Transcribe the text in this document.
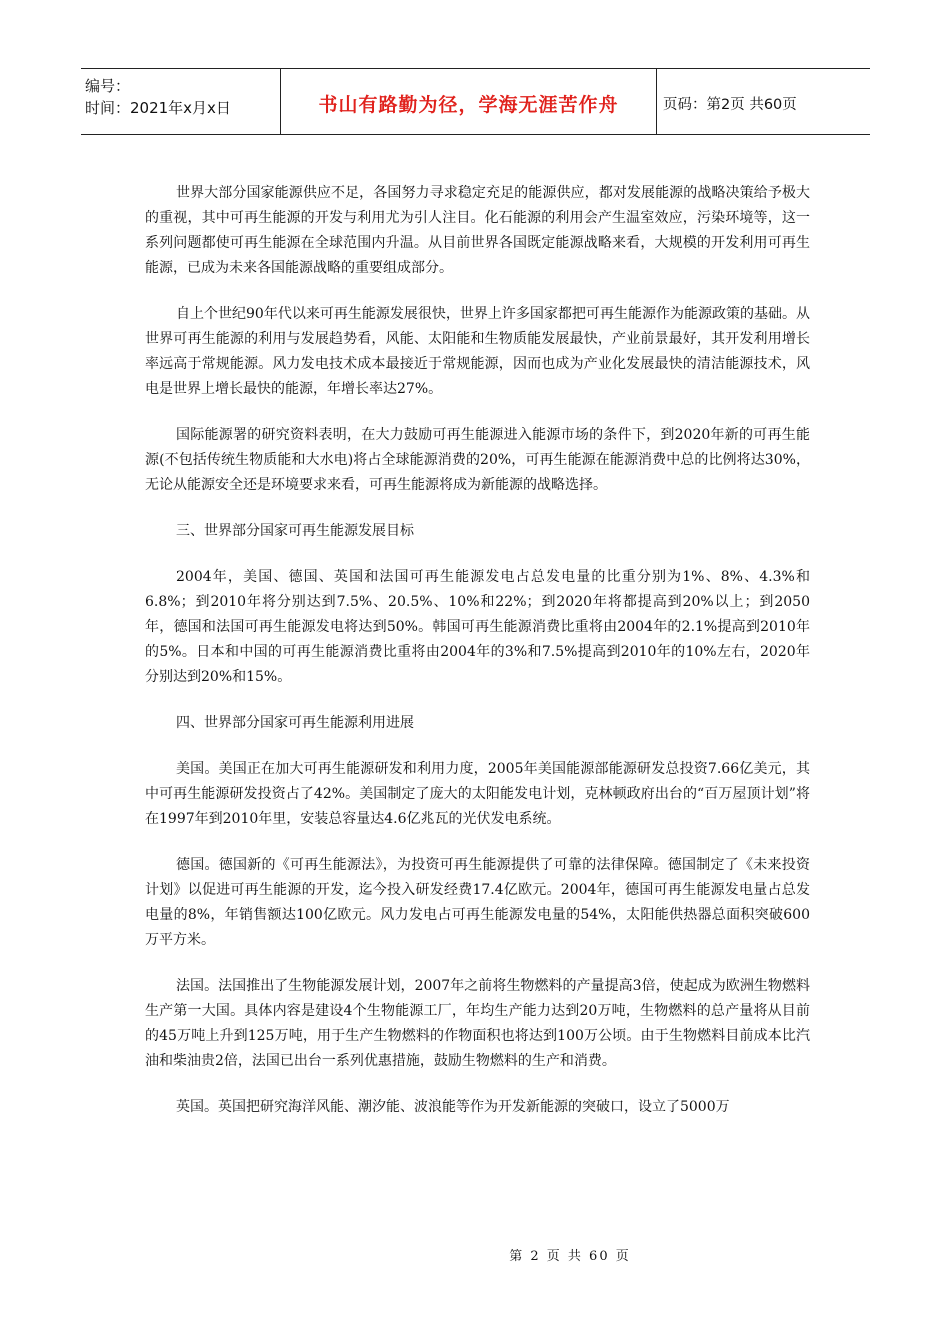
编号：
时间：2021年x月x日	书山有路勤为径，学海无涯苦作舟	页码：第2页 共60页

世界大部分国家能源供应不足，各国努力寻求稳定充足的能源供应，都对发展能源的战略决策给予极大的重视，其中可再生能源的开发与利用尤为引人注目。化石能源的利用会产生温室效应，污染环境等，这一系列问题都使可再生能源在全球范围内升温。从目前世界各国既定能源战略来看，大规模的开发利用可再生能源，已成为未来各国能源战略的重要组成部分。

自上个世纪90年代以来可再生能源发展很快，世界上许多国家都把可再生能源作为能源政策的基础。从世界可再生能源的利用与发展趋势看，风能、太阳能和生物质能发展最快，产业前景最好，其开发利用增长率远高于常规能源。风力发电技术成本最接近于常规能源，因而也成为产业化发展最快的清洁能源技术，风电是世界上增长最快的能源，年增长率达27%。

国际能源署的研究资料表明，在大力鼓励可再生能源进入能源市场的条件下，到2020年新的可再生能源(不包括传统生物质能和大水电)将占全球能源消费的20%，可再生能源在能源消费中总的比例将达30%，无论从能源安全还是环境要求来看，可再生能源将成为新能源的战略选择。

三、世界部分国家可再生能源发展目标

2004年，美国、德国、英国和法国可再生能源发电占总发电量的比重分别为1%、8%、4.3%和6.8%；到2010年将分别达到7.5%、20.5%、10%和22%；到2020年将都提高到20%以上；到2050年，德国和法国可再生能源发电将达到50%。韩国可再生能源消费比重将由2004年的2.1%提高到2010年的5%。日本和中国的可再生能源消费比重将由2004年的3%和7.5%提高到2010年的10%左右，2020年分别达到20%和15%。

四、世界部分国家可再生能源利用进展

美国。美国正在加大可再生能源研发和利用力度，2005年美国能源部能源研发总投资7.66亿美元，其中可再生能源研发投资占了42%。美国制定了庞大的太阳能发电计划，克林顿政府出台的“百万屋顶计划”将在1997年到2010年里，安装总容量达4.6亿兆瓦的光伏发电系统。

德国。德国新的《可再生能源法》，为投资可再生能源提供了可靠的法律保障。德国制定了《未来投资计划》以促进可再生能源的开发，迄今投入研发经费17.4亿欧元。2004年，德国可再生能源发电量占总发电量的8%，年销售额达100亿欧元。风力发电占可再生能源发电量的54%，太阳能供热器总面积突破600万平方米。

法国。法国推出了生物能源发展计划，2007年之前将生物燃料的产量提高3倍，使起成为欧洲生物燃料生产第一大国。具体内容是建设4个生物能源工厂，年均生产能力达到20万吨，生物燃料的总产量将从目前的45万吨上升到125万吨，用于生产生物燃料的作物面积也将达到100万公顷。由于生物燃料目前成本比汽油和柴油贵2倍，法国已出台一系列优惠措施，鼓励生物燃料的生产和消费。

英国。英国把研究海洋风能、潮汐能、波浪能等作为开发新能源的突破口，设立了5000万

第 2 页 共 60 页
